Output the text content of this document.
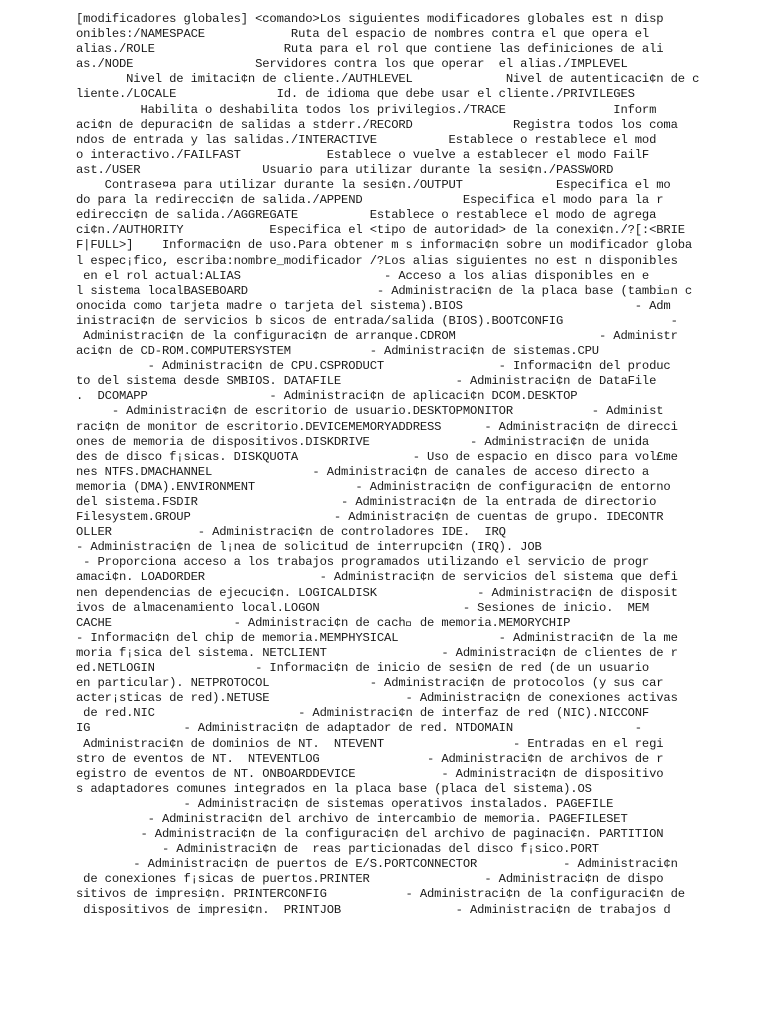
[modificadores globales] <comando>Los siguientes modificadores globales est n disp
onibles:/NAMESPACE            Ruta del espacio de nombres contra el que opera el
alias./ROLE                  Ruta para el rol que contiene las definiciones de ali
as./NODE                 Servidores contra los que operar  el alias./IMPLEVEL
Nivel de imitaci¢n de cliente./AUTHLEVEL             Nivel de autenticaci¢n de c
liente./LOCALE              Id. de idioma que debe usar el cliente./PRIVILEGES
Habilita o deshabilita todos los privilegios./TRACE               Inform
aci¢n de depuraci¢n de salidas a stderr./RECORD              Registra todos los coma
ndos de entrada y las salidas./INTERACTIVE          Establece o restablece el mod
o interactivo./FAILFAST            Establece o vuelve a establecer el modo FailF
ast./USER                 Usuario para utilizar durante la sesi¢n./PASSWORD
Contrase¤a para utilizar durante la sesi¢n./OUTPUT             Especifica el mo
do para la redirecci¢n de salida./APPEND              Especifica el modo para la r
edirecci¢n de salida./AGGREGATE          Establece o restablece el modo de agrega
ci¢n./AUTHORITY            Especifica el <tipo de autoridad> de la conexi¢n./?[:<BRIE
F|FULL>]    Informaci¢n de uso.Para obtener m s informaci¢n sobre un modificador globa
l espec¡fico, escriba:nombre_modificador /?Los alias siguientes no est n disponibles
en el rol actual:ALIAS                    - Acceso a los alias disponibles en e
l sistema localBASEBOARD                  - Administraci¢n de la placa base (tambi n c
onocida como tarjeta madre o tarjeta del sistema).BIOS                        - Adm
inistraci¢n de servicios b sicos de entrada/salida (BIOS).BOOTCONFIG               -
Administraci¢n de la configuraci¢n de arranque.CDROM                    - Administr
aci¢n de CD-ROM.COMPUTERSYSTEM           - Administraci¢n de sistemas.CPU
- Administraci¢n de CPU.CSPRODUCT                - Informaci¢n del produc
to del sistema desde SMBIOS. DATAFILE                - Administraci¢n de DataFile
.  DCOMAPP                 - Administraci¢n de aplicaci¢n DCOM.DESKTOP
- Administraci¢n de escritorio de usuario.DESKTOPMONITOR           - Administ
raci¢n de monitor de escritorio.DEVICEMEMORYADDRESS      - Administraci¢n de direcci
ones de memoria de dispositivos.DISKDRIVE              - Administraci¢n de unida
des de disco f¡sicas. DISKQUOTA                - Uso de espacio en disco para vol£me
nes NTFS.DMACHANNEL              - Administraci¢n de canales de acceso directo a
memoria (DMA).ENVIRONMENT              - Administraci¢n de configuraci¢n de entorno
del sistema.FSDIR                    - Administraci¢n de la entrada de directorio
Filesystem.GROUP                    - Administraci¢n de cuentas de grupo. IDECONTR
OLLER            - Administraci¢n de controladores IDE.  IRQ
- Administraci¢n de l¡nea de solicitud de interrupci¢n (IRQ). JOB
- Proporciona acceso a los trabajos programados utilizando el servicio de progr
amaci¢n. LOADORDER                - Administraci¢n de servicios del sistema que defi
nen dependencias de ejecuci¢n. LOGICALDISK              - Administraci¢n de disposit
ivos de almacenamiento local.LOGON                    - Sesiones de inicio.  MEM
CACHE                 - Administraci¢n de cach  de memoria.MEMORYCHIP
- Informaci¢n del chip de memoria.MEMPHYSICAL              - Administraci¢n de la me
moria f¡sica del sistema. NETCLIENT                - Administraci¢n de clientes de r
ed.NETLOGIN              - Informaci¢n de inicio de sesi¢n de red (de un usuario
en particular). NETPROTOCOL              - Administraci¢n de protocolos (y sus car
acter¡sticas de red).NETUSE                   - Administraci¢n de conexiones activas
de red.NIC                    - Administraci¢n de interfaz de red (NIC).NICCONF
IG             - Administraci¢n de adaptador de red. NTDOMAIN                 -
Administraci¢n de dominios de NT.  NTEVENT                  - Entradas en el regi
stro de eventos de NT.  NTEVENTLOG               - Administraci¢n de archivos de r
egistro de eventos de NT. ONBOARDDEVICE            - Administraci¢n de dispositivo
s adaptadores comunes integrados en la placa base (placa del sistema).OS
- Administraci¢n de sistemas operativos instalados. PAGEFILE
- Administraci¢n del archivo de intercambio de memoria. PAGEFILESET
- Administraci¢n de la configuraci¢n del archivo de paginaci¢n. PARTITION
- Administraci¢n de  reas particionadas del disco f¡sico.PORT
- Administraci¢n de puertos de E/S.PORTCONNECTOR            - Administraci¢n
de conexiones f¡sicas de puertos.PRINTER                - Administraci¢n de dispo
sitivos de impresi¢n. PRINTERCONFIG           - Administraci¢n de la configuraci¢n de
dispositivos de impresi¢n.  PRINTJOB                - Administraci¢n de trabajos d
